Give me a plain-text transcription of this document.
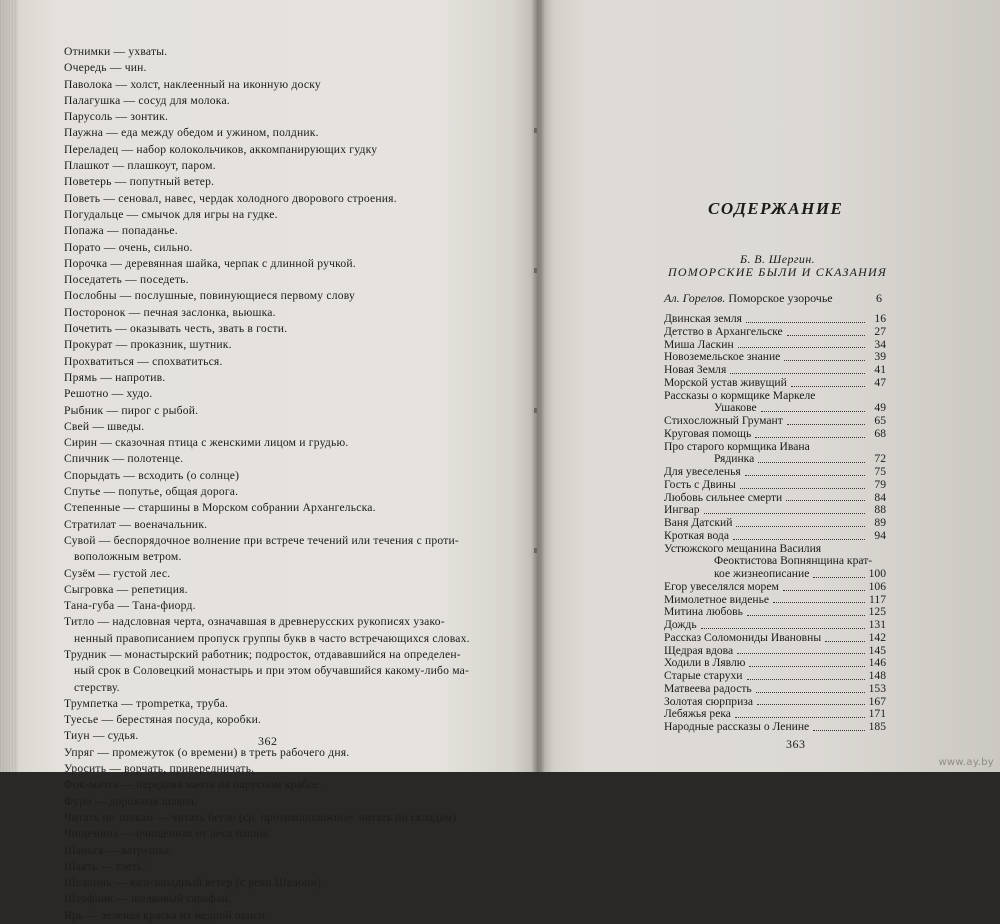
Отнимки — ухваты.
Очередь — чин.
Паволока — холст, наклеенный на иконную доску
Палагушка — сосуд для молока.
Парусоль — зонтик.
Паужна — еда между обедом и ужином, полдник.
Переладец — набор колокольчиков, аккомпанирующих гудку
Плашкот — плашкоут, паром.
Поветерь — попутный ветер.
Поветь — сеновал, навес, чердак холодного дворового строения.
Погудальце — смычок для игры на гудке.
Попажа — попаданье.
Порато — очень, сильно.
Порочка — деревянная шайка, черпак с длинной ручкой.
Поседатеть — поседеть.
Послобны — послушные, повинующиеся первому слову
Посторонок — печная заслонка, вьюшка.
Почетить — оказывать честь, звать в гости.
Прокурат — проказник, шутник.
Прохватиться — спохватиться.
Прямь — напротив.
Решотно — худо.
Рыбник — пирог с рыбой.
Свей — шведы.
Сирин — сказочная птица с женскими лицом и грудью.
Спичник — полотенце.
Спорыдать — всходить (о солнце)
Спутье — попутье, общая дорога.
Степенные — старшины в Морском собрании Архангельска.
Стратилат — военачальник.
Сувой — беспорядочное волнение при встрече течений или течения с проти-
воположным ветром.
Сузём — густой лес.
Сыгровка — репетиция.
Тана-губа — Тана-фиорд.
Титло — надсловная черта, означавшая в древнерусских рукописях узако-
ненный правописанием пропуск группы букв в часто встречающихся словах.
Трудник — монастырский работник; подросток, отдававшийся на определен-
ный срок в Соловецкий монастырь и при этом обучавшийся какому-либо ма-
стерству.
Трумпетка — трompетка, труба.
Туесье — берестяная посуда, коробки.
Тиун — судья.
Упряг — промежуток (о времени) в треть рабочего дня.
Уросить — ворчать, привередничать.
Фок-мачта — передняя мачта на парусном крабле.
Фуро — дорожная шляпа.
Читать по толкам — читать бегло (ср. противоположное: читать по складам)
Чищемина — очищенная от леса пашня.
Шаньга — ватрушка.
Шаять — тлеть.
Шелоник — юго-западный ветер (с реки Шелони)
Штофник — шелковый сарафан.
Ярь — зеленая краска из медной окиси.
362
СОДЕРЖАНИЕ
Б. В. Шергин.
ПОМОРСКИЕ БЫЛИ И СКАЗАНИЯ
Ал. Горелов.
Поморское узорочье	6
Двинская земля	16
Детство в Архангельске	27
Миша Ласкин	34
Новоземельское знание	39
Новая Земля	41
Морской устав живущий	47
Рассказы о кормщике Маркеле
Ушакове	49
Стихосложный Грумант	65
Круговая помощь	68
Про старого кормщика Ивана
Рядинка	72
Для увеселенья	75
Гость с Двины	79
Любовь сильнее смерти	84
Ингвар	88
Ваня Датский	89
Кроткая вода	94
Устюжского мещанина Василия
Феоктистова Вопнянщина крат-
кое жизнеописание	100
Егор увеселялся морем	106
Мимолетное виденье	117
Митина любовь	125
Дождь	131
Рассказ Соломониды Ивановны	142
Щедрая вдова	145
Ходили в Лявлю	146
Старые старухи	148
Матвеева радость	153
Золотая сюрприза	167
Лебяжья река	171
Народные рассказы о Ленине	185
363
www.ay.by
